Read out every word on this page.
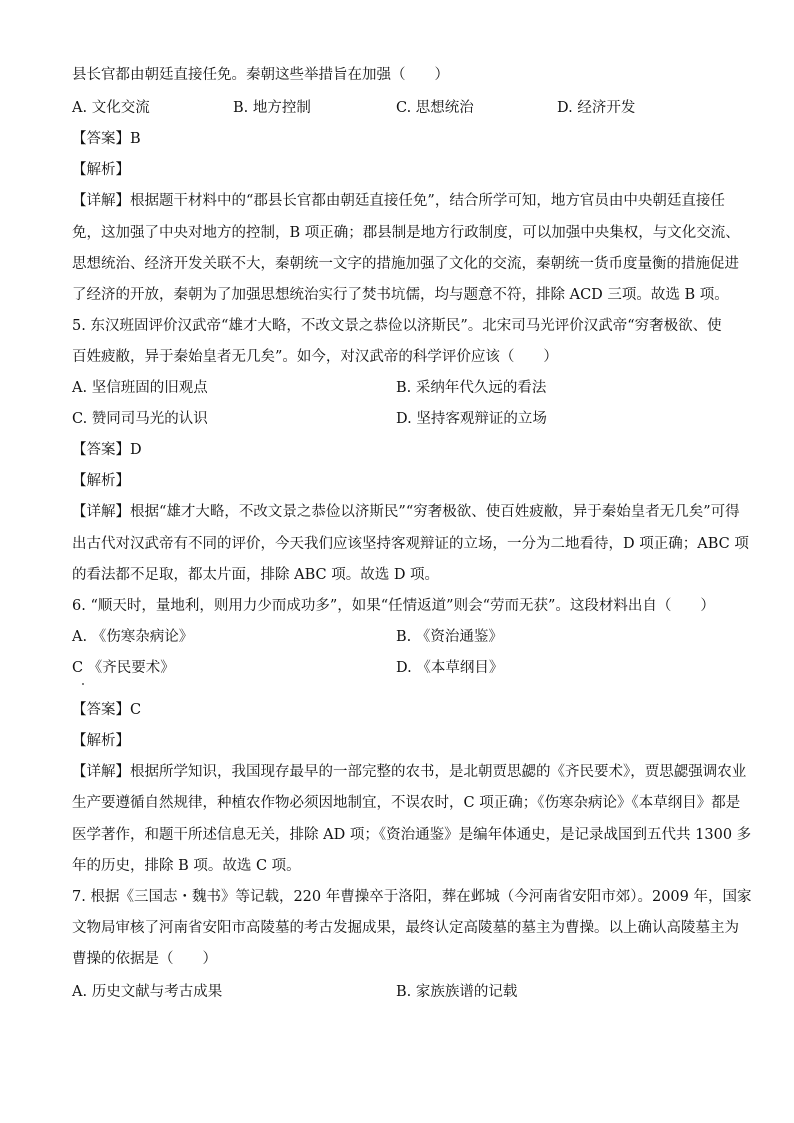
县长官都由朝廷直接任免。秦朝这些举措旨在加强（　　）
A. 文化交流	B. 地方控制	C. 思想统治	D. 经济开发
【答案】B
【解析】
【详解】根据题干材料中的“郡县长官都由朝廷直接任免”，结合所学可知，地方官员由中央朝廷直接任
免，这加强了中央对地方的控制，B 项正确；郡县制是地方行政制度，可以加强中央集权，与文化交流、
思想统治、经济开发关联不大，秦朝统一文字的措施加强了文化的交流，秦朝统一货币度量衡的措施促进
了经济的开放，秦朝为了加强思想统治实行了焚书坑儒，均与题意不符，排除 ACD 三项。故选 B 项。
5. 东汉班固评价汉武帝“雄才大略，不改文景之恭俭以济斯民”。北宋司马光评价汉武帝“穷奢极欲、使
百姓疲敝，异于秦始皇者无几矣”。如今，对汉武帝的科学评价应该（　　）
A. 坚信班固的旧观点	B. 采纳年代久远的看法
C. 赞同司马光的认识	D. 坚持客观辩证的立场
【答案】D
【解析】
【详解】根据“雄才大略，不改文景之恭俭以济斯民”“穷奢极欲、使百姓疲敝，异于秦始皇者无几矣”可得
出古代对汉武帝有不同的评价，今天我们应该坚持客观辩证的立场，一分为二地看待，D 项正确；ABC 项
的看法都不足取，都太片面，排除 ABC 项。故选 D 项。
6. “顺天时，量地利，则用力少而成功多”，如果“任情返道”则会“劳而无获”。这段材料出自（　　）
A. 《伤寒杂病论》	B. 《资治通鉴》
C 《齐民要术》	D. 《本草纲目》
【答案】C
【解析】
【详解】根据所学知识，我国现存最早的一部完整的农书，是北朝贾思勰的《齐民要术》，贾思勰强调农业
生产要遵循自然规律，种植农作物必须因地制宜，不误农时，C 项正确；《伤寒杂病论》《本草纲目》都是
医学著作，和题干所述信息无关，排除 AD 项；《资治通鉴》是编年体通史，是记录战国到五代共 1300 多
年的历史，排除 B 项。故选 C 项。
7. 根据《三国志・魏书》等记载，220 年曹操卒于洛阳，葬在邺城（今河南省安阳市郊）。2009 年，国家
文物局审核了河南省安阳市高陵墓的考古发掘成果，最终认定高陵墓的墓主为曹操。以上确认高陵墓主为
曹操的依据是（　　）
A. 历史文献与考古成果	B. 家族族谱的记载
